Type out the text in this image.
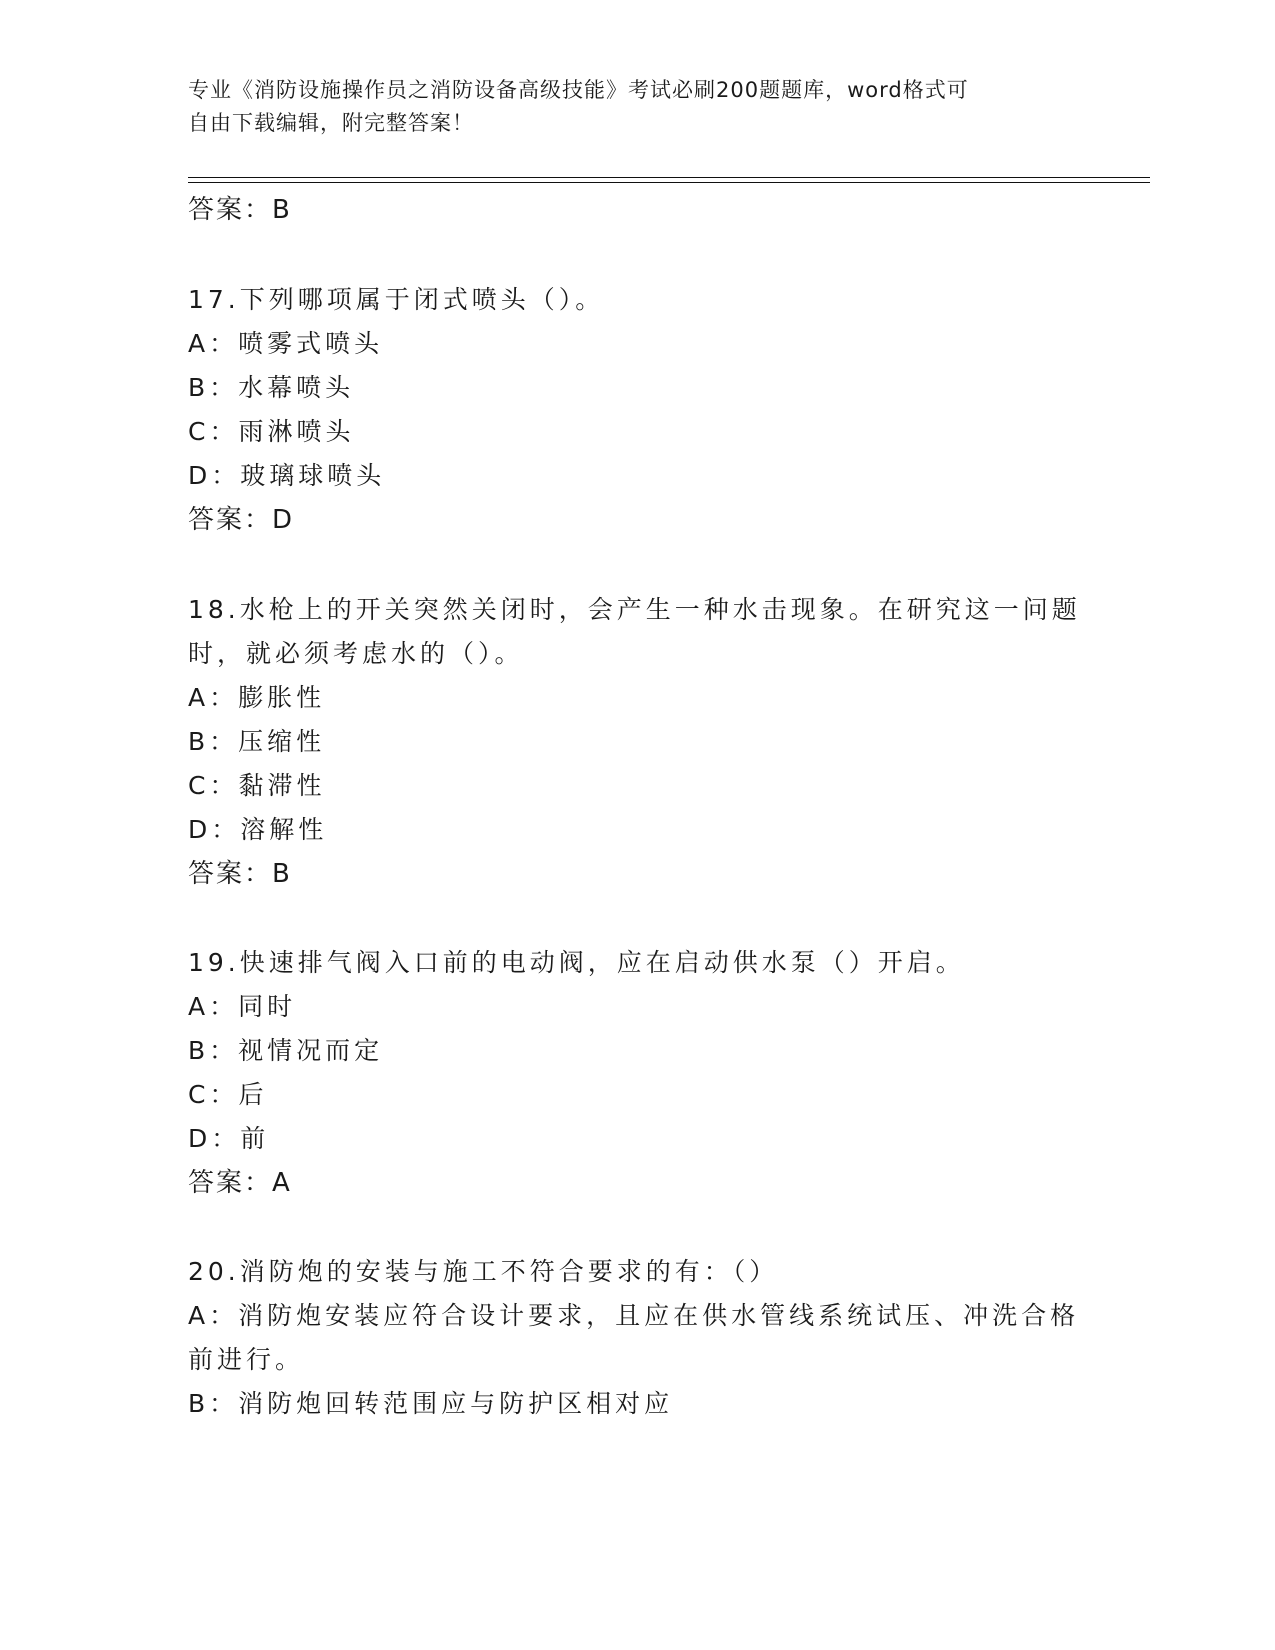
专业《消防设施操作员之消防设备高级技能》考试必刷200题题库，word格式可
自由下载编辑，附完整答案！
答案：B
17.下列哪项属于闭式喷头（）。
A：喷雾式喷头
B：水幕喷头
C：雨淋喷头
D：玻璃球喷头
答案：D
18.水枪上的开关突然关闭时，会产生一种水击现象。在研究这一问题
时，就必须考虑水的（）。
A：膨胀性
B：压缩性
C：黏滞性
D：溶解性
答案：B
19.快速排气阀入口前的电动阀，应在启动供水泵（）开启。
A：同时
B：视情况而定
C：后
D：前
答案：A
20.消防炮的安装与施工不符合要求的有：（）
A：消防炮安装应符合设计要求，且应在供水管线系统试压、冲洗合格
前进行。
B：消防炮回转范围应与防护区相对应
